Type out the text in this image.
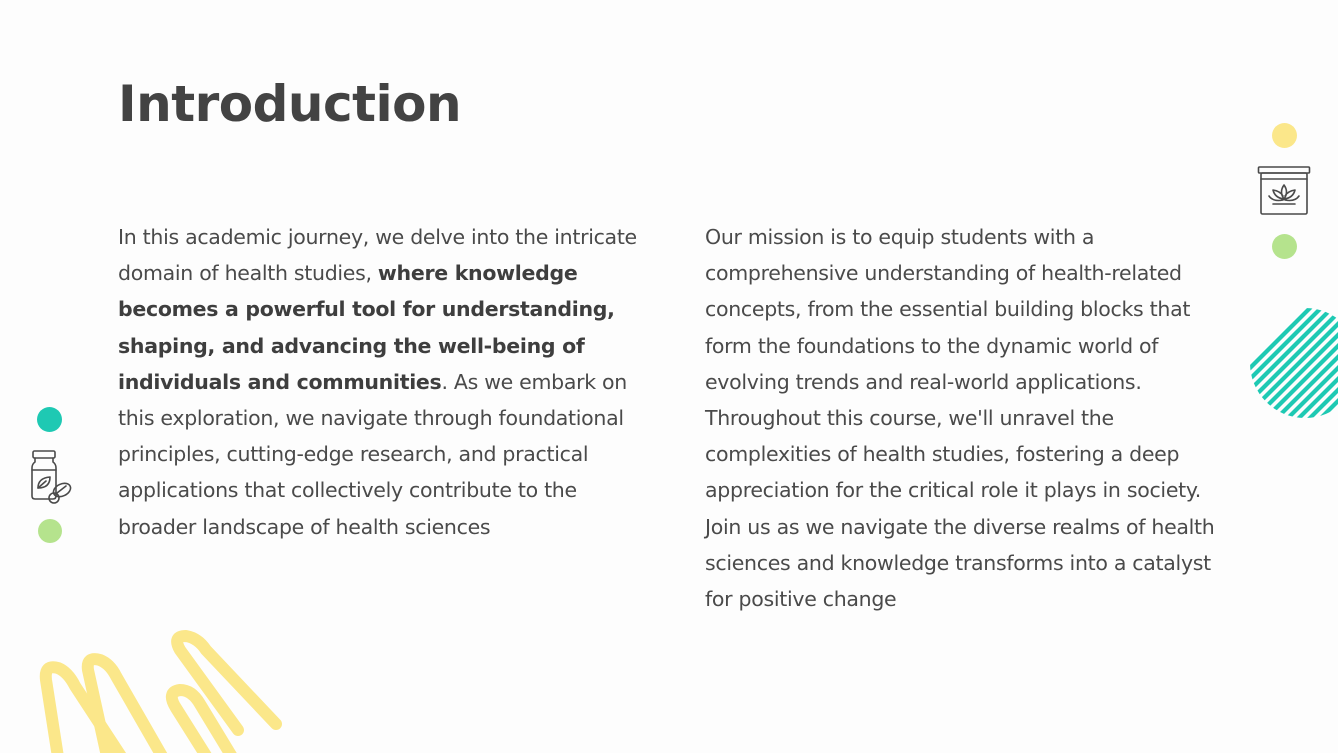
Introduction

In this academic journey, we delve into the intricate domain of health studies, where knowledge becomes a powerful tool for understanding, shaping, and advancing the well-being of individuals and communities. As we embark on this exploration, we navigate through foundational principles, cutting-edge research, and practical applications that collectively contribute to the broader landscape of health sciences

Our mission is to equip students with a comprehensive understanding of health-related concepts, from the essential building blocks that form the foundations to the dynamic world of evolving trends and real-world applications. Throughout this course, we'll unravel the complexities of health studies, fostering a deep appreciation for the critical role it plays in society. Join us as we navigate the diverse realms of health sciences and knowledge transforms into a catalyst for positive change
